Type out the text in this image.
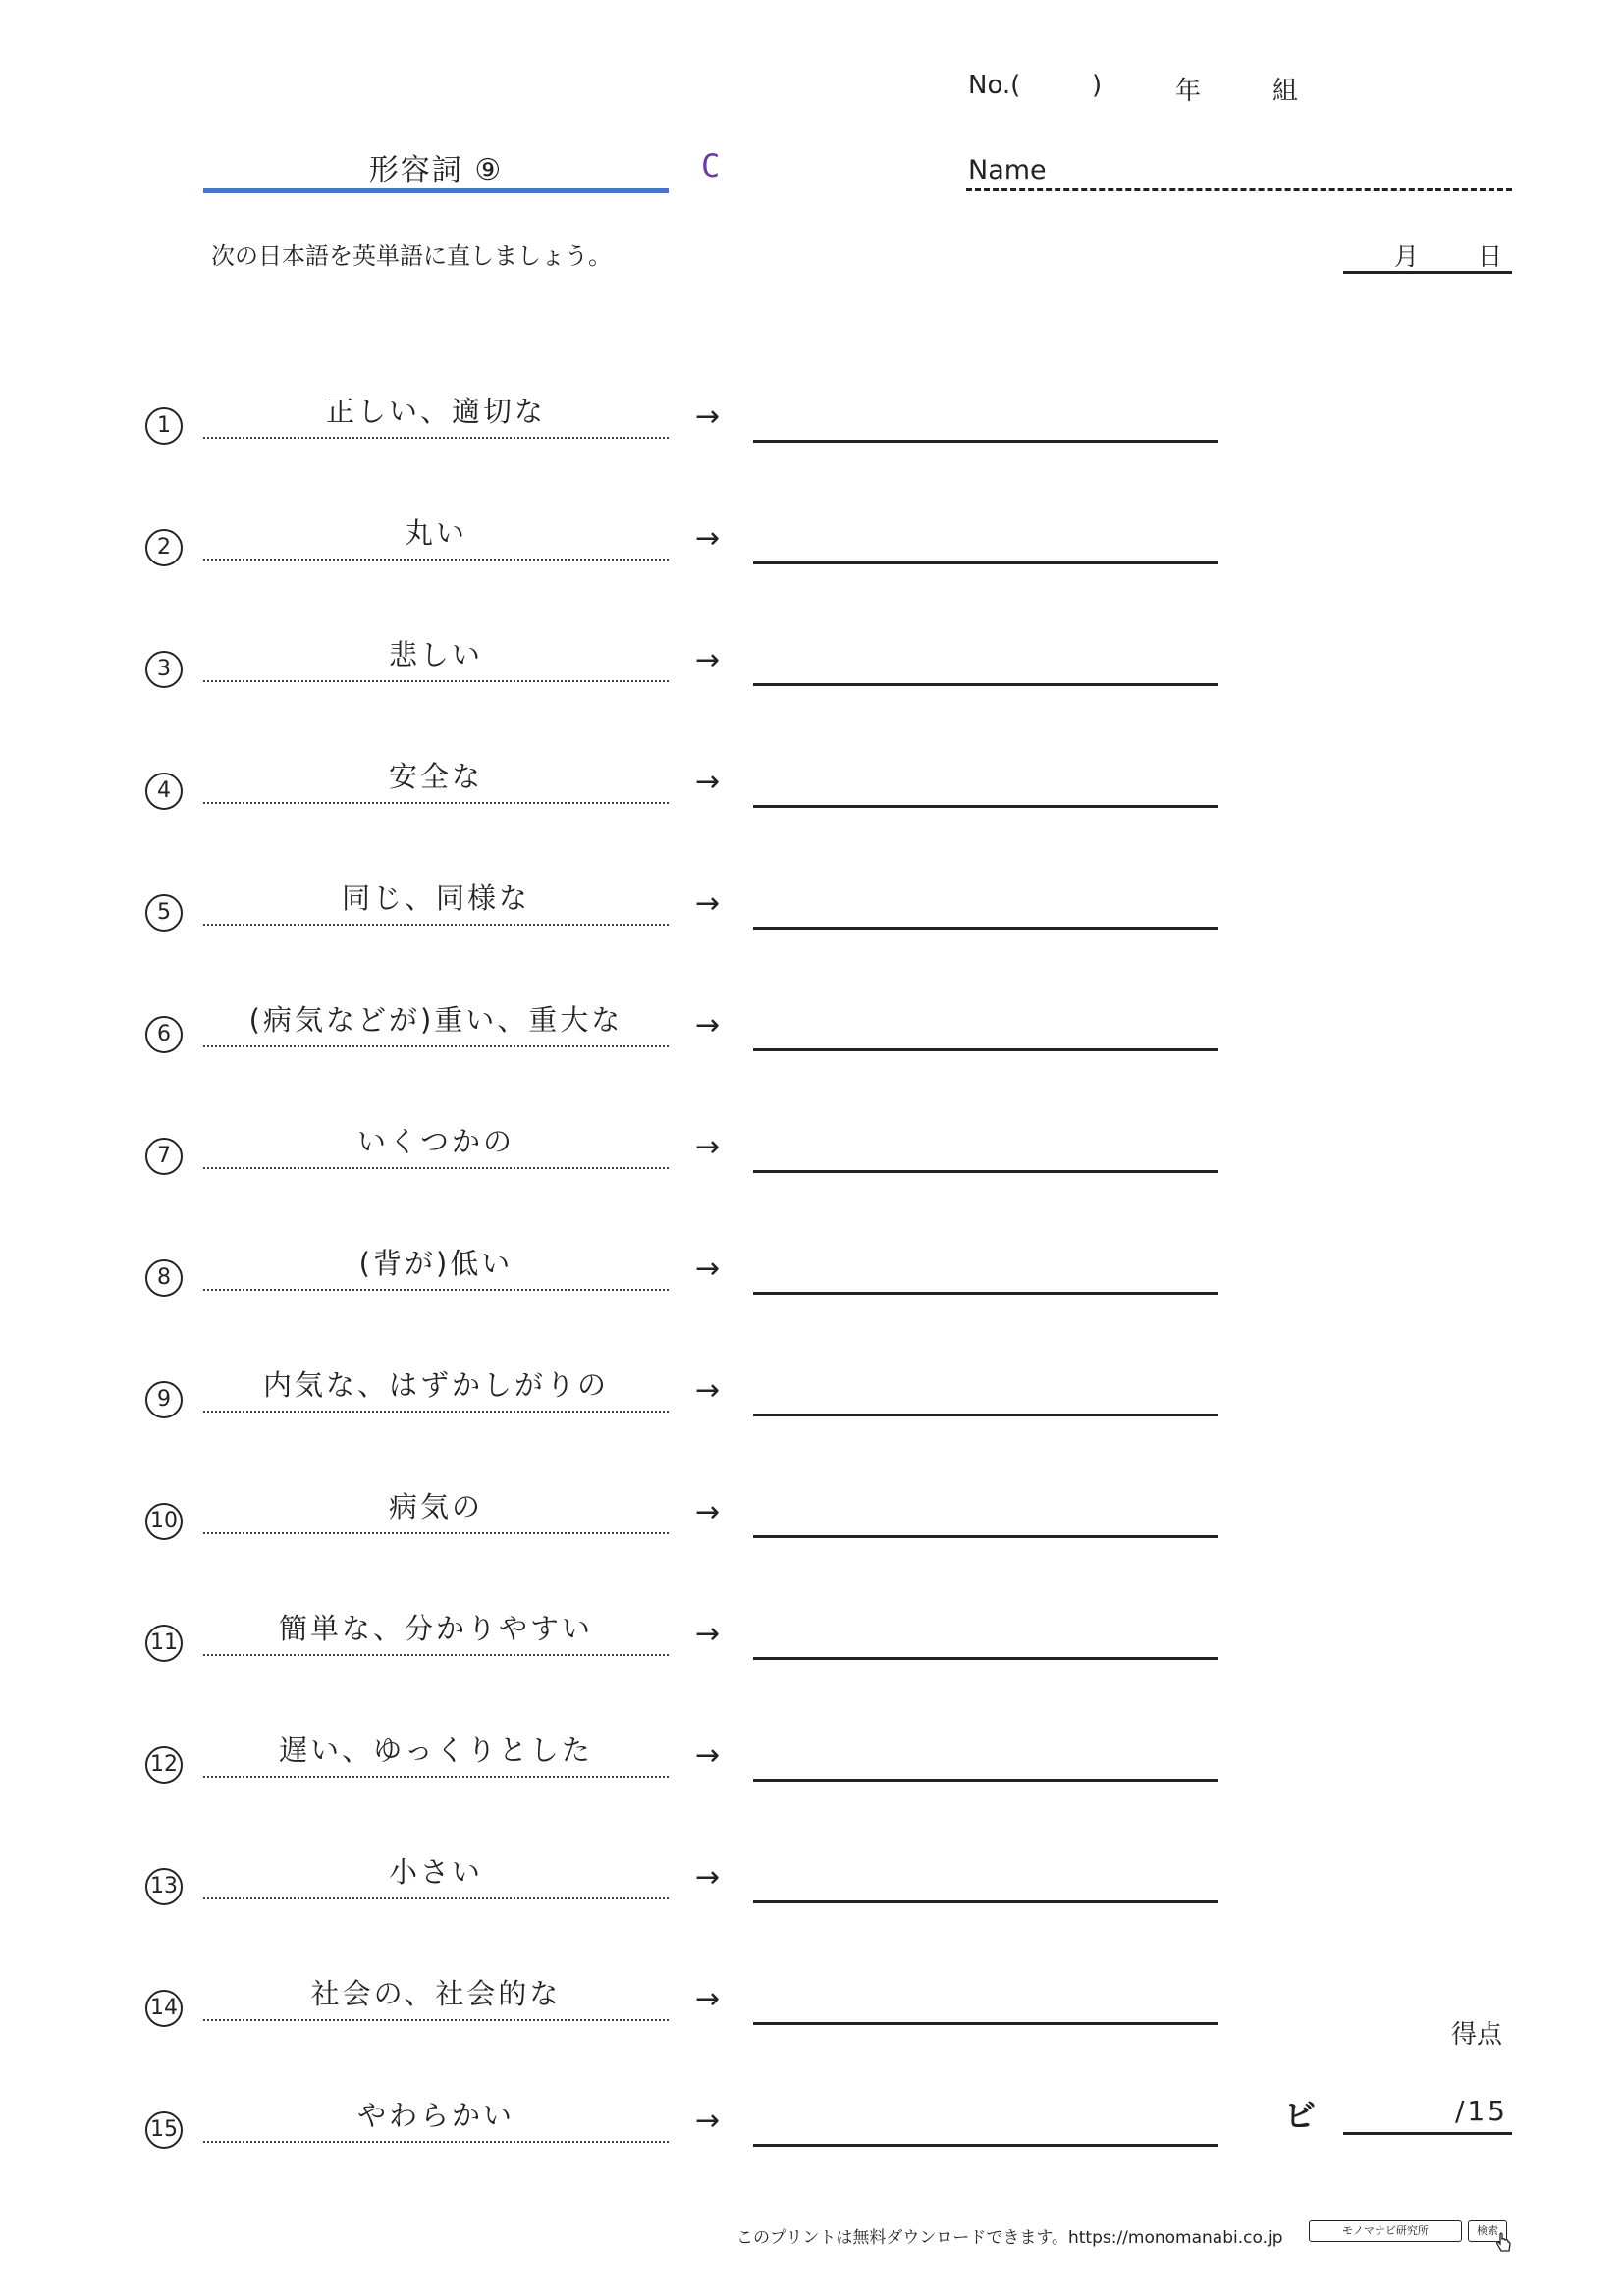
No.(	)	年	組
形容詞 ⑨	C	Name
次の日本語を英単語に直しましょう。	月 日
1	正しい、適切な	→
2	丸い	→
3	悲しい	→
4	安全な	→
5	同じ、同様な	→
6	(病気などが)重い、重大な	→
7	いくつかの	→
8	(背が)低い	→
9	内気な、はずかしがりの	→
10	病気の	→
11	簡単な、分かりやすい	→
12	遅い、ゆっくりとした	→
13	小さい	→
14	社会の、社会的な	→
15	やわらかい	→
得点
ビ	/15
このプリントは無料ダウンロードできます。https://monomanabi.co.jp	モノマナビ研究所	検索
